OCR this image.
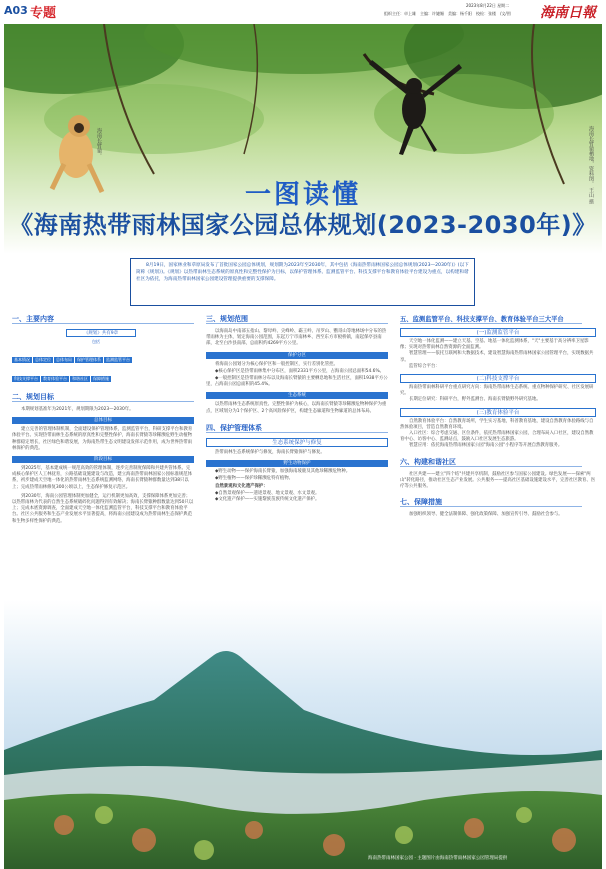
A03 专题
2023年8月22日 星期二
组织主任：卓上雄　主编：许婕媚　美编：杨千阳　校检：张楼　/文/图 海南日報
海南长臂猿。	海南长臂猿栖地，资料图。 王山 摄
一图读懂
《海南热带雨林国家公园总体规划(2023-2030年)》
8月19日，国家林业和草原局发布了首批国家公园总体规划，规划期为2023年至2030年，其中包括《海南热带雨林国家公园总体规划(2023—2030年)》(以下简称《规划》)。《规划》以热带雨林生态系统的原真性和完整性保护为目标，以保护管理体系、监测监管平台、科技支撑平台和教育体验平台建设为重点，以构建和谐社区为依托，为海南热带雨林国家公园建设管理提供重要的支撑保障。
一、主要内容
《规划》共有9章
包括
基本情况 总体定位 总体布局 保护管理体系 监测监管平台
科技支撑平台 教育体验平台 和谐社区 保障措施
二、规划目标
本期规划基准年为2021年，规划期限为2023—2030年。
总体目标
建立完善的管理体制机制，全面建设保护管理体系，监测监管平台，科研支撑平台和教育体验平台。实现热带雨林生态系统的原真性和完整性保护，海南长臂猿等珍稀濒危野生动植物种群稳定增长，社区绿色和谐发展，为海南热带生态文明建设发挥示范作用，成为世界热带雨林保护的典范。
阶段目标
到2025年，基本建成统一规范高效的管理体制，逐步完善制度保障和共建共管体系。完成核心保护区人工林抚育，公路基础设施建设与改造，建立海南热带雨林国家公园标准规范体系，初步建成天空地一体化的热带雨林生态系统监测网络，海南长臂猿种群数量达到38只以上；完成热带雨林修复300公顷以上，生态保护修复示范区。
到2030年，海南公园管理体制更加健全，运行机制更加高效，支撑保障体系更加完善；以热带雨林为代表的自然生态系统破碎化问题得到有效解决；海南长臂猿种群数量达到50只以上；完成本底资源调查，全面建成天空地一体化监测监管平台，科技支撑平台和教育体验平台。社区公共服务和生态产业发展水平显著提高，将海南公园建设成为热带雨林生态保护典范和生物多样性保护的典范。
三、规划范围
以海南岛中南部五指山、黎母岭、尖峰岭、霸王岭、吊罗山、鹦哥山等地林场中分布的热带雨林为主体，划定海南公园范围，东起万宁市南林乡、西至东方市板桥镇，南起保亭县南部，北至白沙县南部，总面积约4269平方公里。
保护分区
将海南公园划分为核心保护区和一般控制区，实行差别化管控。
◆核心保护区是热带雨林集中分布区，面积2331平方公里，占海南公园总面积54.6%。
◆一般控制区是热带雨林分布以及海南长臂猿的主要栖息地和生活社区，面积1938平方公里，占海南公园总面积的45.4%。
生态系统
以热带雨林生态系统原真性、完整性保护为核心，以海南长臂猿等珍稀濒危物种保护为重点，区域划分为1个保护区、2个高风险保护区，构建生态廊道和生物廊道的总体布局。
四、保护管理体系
生态系统保护与修复
热带雨林生态系统保护与修复，海南长臂猿保护与修复。
野生动物保护
◆野生动物——保护海南长臂猿，加强海南坡鹿及其他珍稀濒危物种。
◆野生植物——保护珍稀濒危特有植物。
自然景观和文化遗产保护：
◆自然景观保护——遗迹景观、地文景观、水文景观。
◆文化遗产保护——实施黎族苗族传统文化遗产保护。
五、监测监管平台、科技支撑平台、教育体验平台三大平台
(一)监测监管平台
天空地一体化监测——建立天基、空基、地基一体化监测体系，"天"主要基于高分辨率卫星影像；实现对热带雨林自然资源的全面监测。
智慧管理——依托互联网和大数据技术，建设智慧海南热带雨林国家公园管理平台，实现数据共享。
监管综合平台：
(二)科技支撑平台
海南热带雨林科研平台重点研究方向：海南热带雨林生态系统、重点物种保护研究、社区发展研究。
长期定位研究：科研平台，野外监测台、海南长臂猿野外研究基地。
(三)教育体验平台
自然教育体验平台：自然教育场所，学生实习基地，科普教育基地，建设自然教育体验路线与自然体验项目，营造自然教育环境。
入口社区：综合考虑交通、区位条件，依托热带雨林国家公园，合理布局入口社区，建设自然教育中心、访客中心、监测站点，鼓励入口社区发展生态旅游。
智慧应用：依托海南热带雨林国家公园"海南公园"小程序等开展自然教育服务。
六、构建和谐社区
社区共建——建立"四个结"共建共享机制，鼓励社区参与国家公园建设。绿色发展——探索"两山"转化路径，推动社区生态产业发展。公共服务——提高社区基础设施建设水平，完善社区教育、医疗等公共服务。
七、保障措施
加强组织领导、健全法制保障、强化政策保障、加强宣传引导、鼓励社会参与。
海南热带雨林国家公园 · 主题图片由海南热带雨林国家公园管理局提供
